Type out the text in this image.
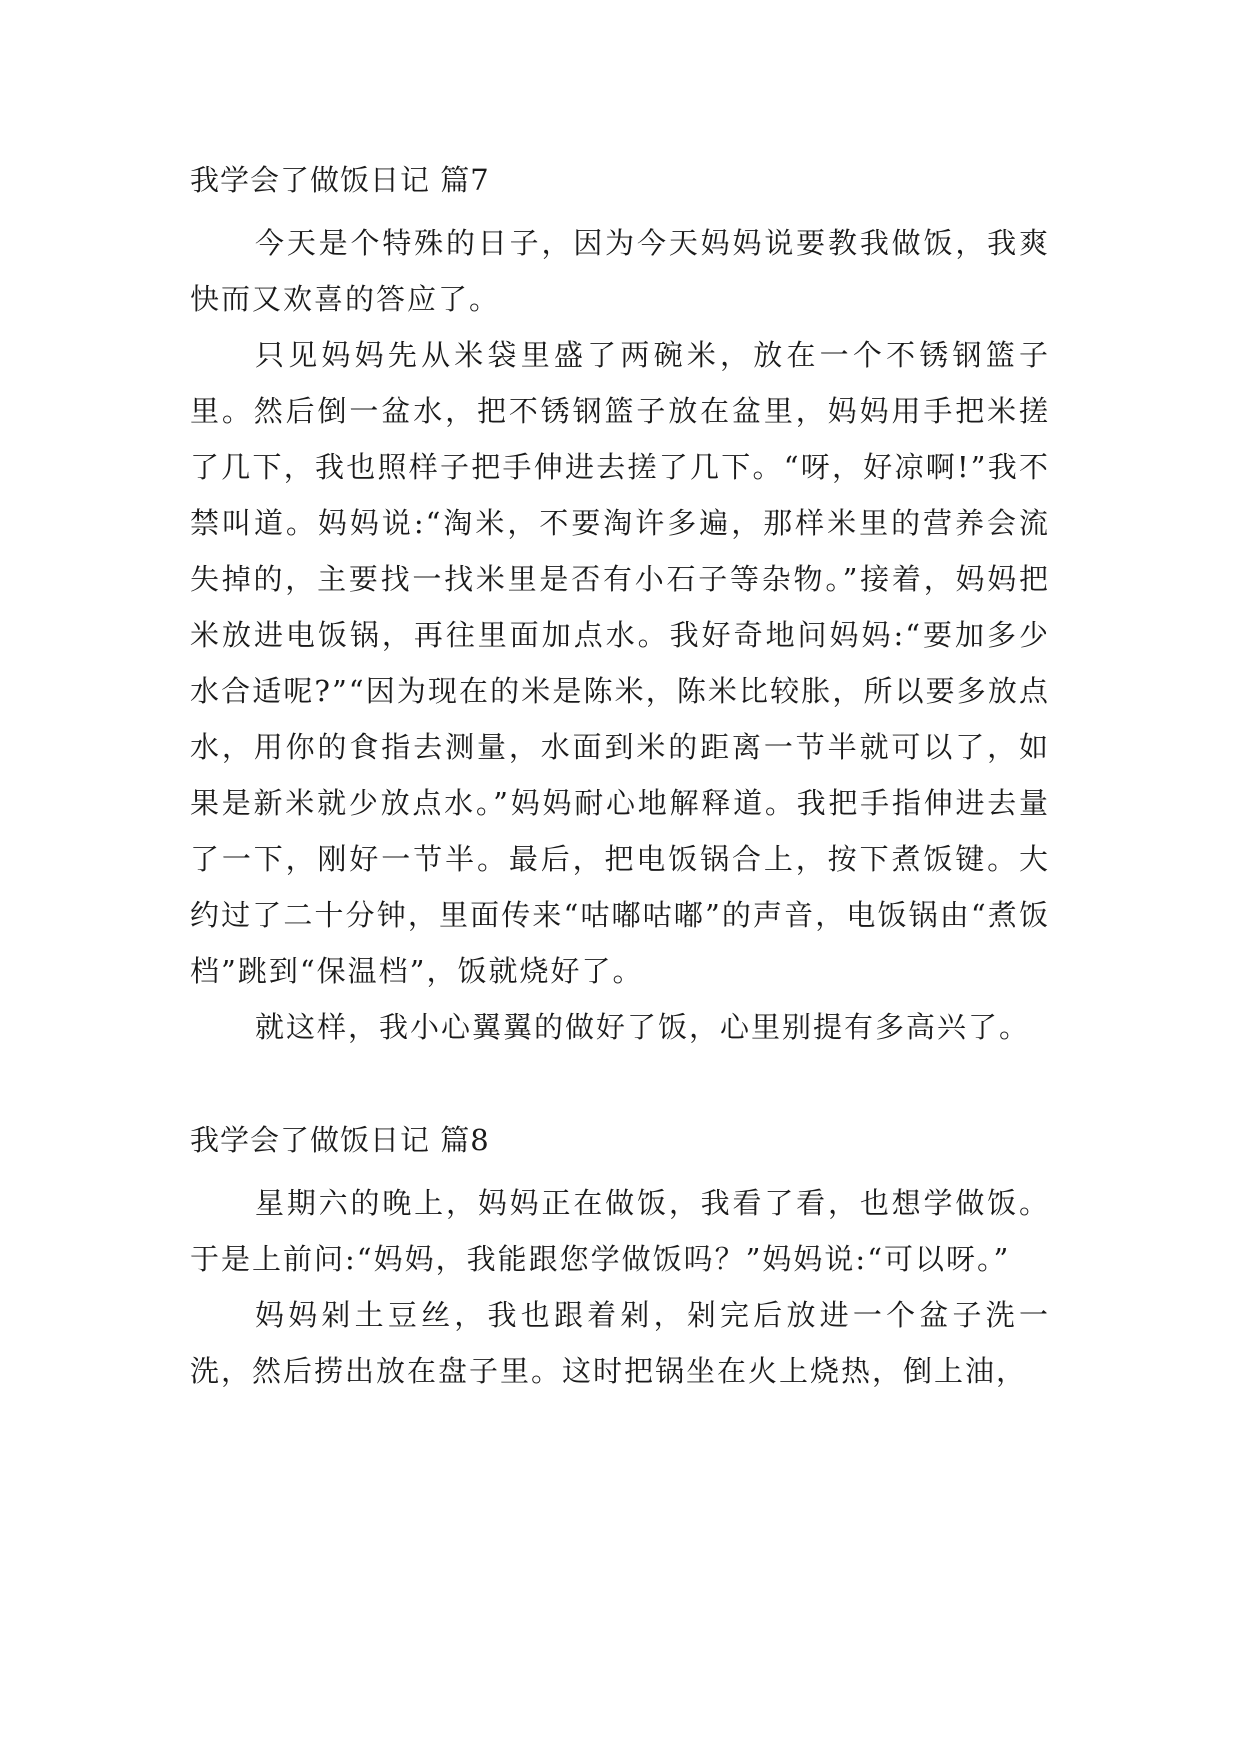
我学会了做饭日记 篇7

今天是个特殊的日子，因为今天妈妈说要教我做饭，我爽快而又欢喜的答应了。

只见妈妈先从米袋里盛了两碗米，放在一个不锈钢篮子里。然后倒一盆水，把不锈钢篮子放在盆里，妈妈用手把米搓了几下，我也照样子把手伸进去搓了几下。“呀，好凉啊!”我不禁叫道。妈妈说:“淘米，不要淘许多遍，那样米里的营养会流失掉的，主要找一找米里是否有小石子等杂物。”接着，妈妈把米放进电饭锅，再往里面加点水。我好奇地问妈妈:“要加多少水合适呢?”“因为现在的米是陈米，陈米比较胀，所以要多放点水，用你的食指去测量，水面到米的距离一节半就可以了，如果是新米就少放点水。”妈妈耐心地解释道。我把手指伸进去量了一下，刚好一节半。最后，把电饭锅合上，按下煮饭键。大约过了二十分钟，里面传来“咕嘟咕嘟”的声音，电饭锅由“煮饭档”跳到“保温档”，饭就烧好了。

就这样，我小心翼翼的做好了饭，心里别提有多高兴了。

我学会了做饭日记 篇8

星期六的晚上，妈妈正在做饭，我看了看，也想学做饭。于是上前问:“妈妈，我能跟您学做饭吗？”妈妈说:“可以呀。”

妈妈剁土豆丝，我也跟着剁，剁完后放进一个盆子洗一洗，然后捞出放在盘子里。这时把锅坐在火上烧热，倒上油，
